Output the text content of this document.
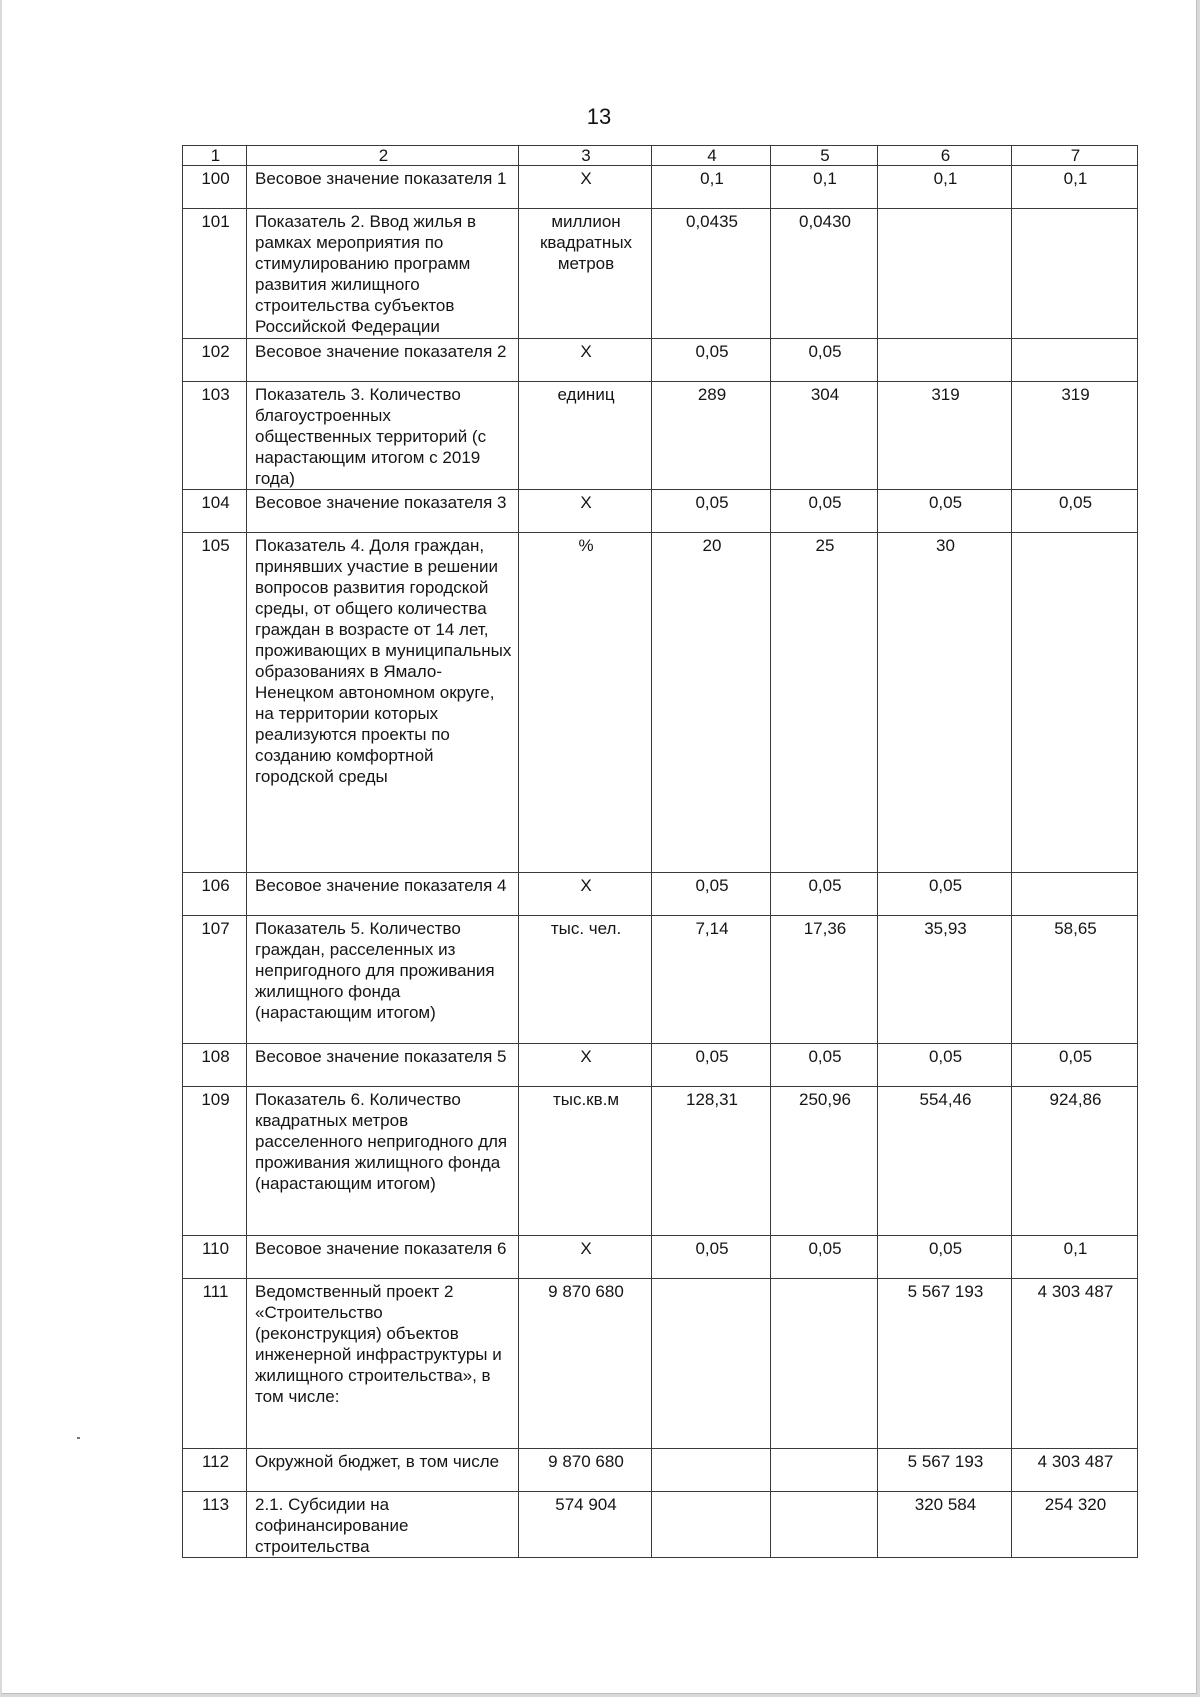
13
1	2	3	4	5	6	7
100	Весовое значение показателя 1	X	0,1	0,1	0,1	0,1
101	Показатель 2. Ввод жилья в рамках мероприятия по стимулированию программ развития жилищного строительства субъектов Российской Федерации	миллион квадратных метров	0,0435	0,0430		
102	Весовое значение показателя 2	X	0,05	0,05		
103	Показатель 3. Количество благоустроенных общественных территорий (с нарастающим итогом с 2019 года)	единиц	289	304	319	319
104	Весовое значение показателя 3	X	0,05	0,05	0,05	0,05
105	Показатель 4. Доля граждан, принявших участие в решении вопросов развития городской среды, от общего количества граждан в возрасте от 14 лет, проживающих в муниципальных образованиях в Ямало-Ненецком автономном округе, на территории которых реализуются проекты по созданию комфортной городской среды	%	20	25	30	
106	Весовое значение показателя 4	X	0,05	0,05	0,05	
107	Показатель 5. Количество граждан, расселенных из непригодного для проживания жилищного фонда (нарастающим итогом)	тыс. чел.	7,14	17,36	35,93	58,65
108	Весовое значение показателя 5	X	0,05	0,05	0,05	0,05
109	Показатель 6. Количество квадратных метров расселенного непригодного для проживания жилищного фонда (нарастающим итогом)	тыс.кв.м	128,31	250,96	554,46	924,86
110	Весовое значение показателя 6	X	0,05	0,05	0,05	0,1
111	Ведомственный проект 2 «Строительство (реконструкция) объектов инженерной инфраструктуры и жилищного строительства», в том числе:	9 870 680			5 567 193	4 303 487
112	Окружной бюджет, в том числе	9 870 680			5 567 193	4 303 487
113	2.1. Субсидии на софинансирование строительства	574 904			320 584	254 320
